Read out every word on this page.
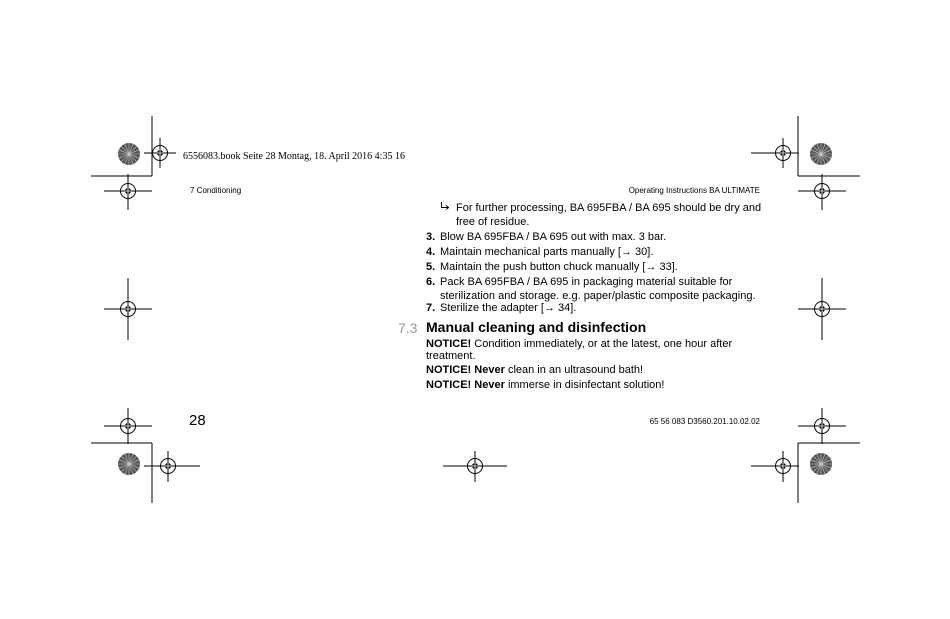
6556083.book Seite 28 Montag, 18. April 2016 4:35 16
7 Conditioning	Operating Instructions BA ULTIMATE
For further processing, BA 695FBA / BA 695 should be dry and free of residue.
3. Blow BA 695FBA / BA 695 out with max. 3 bar.
4. Maintain mechanical parts manually [→ 30].
5. Maintain the push button chuck manually [→ 33].
6. Pack BA 695FBA / BA 695 in packaging material suitable for sterilization and storage. e.g. paper/plastic composite packaging.
7. Sterilize the adapter [→ 34].
7.3 Manual cleaning and disinfection
NOTICE! Condition immediately, or at the latest, one hour after treatment.
NOTICE! Never clean in an ultrasound bath!
NOTICE! Never immerse in disinfectant solution!
28	65 56 083 D3560.201.10.02.02
